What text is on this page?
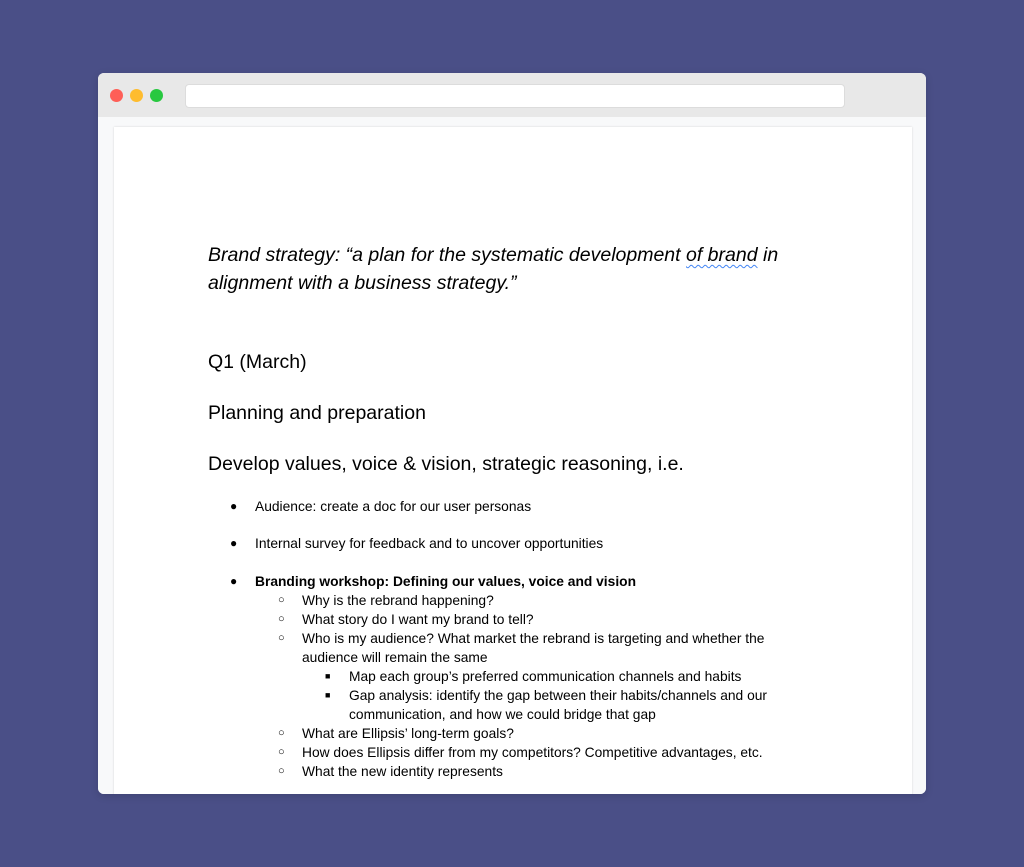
Brand strategy: “a plan for the systematic development of brand in alignment with a business strategy.”
Q1 (March)
Planning and preparation
Develop values, voice & vision, strategic reasoning, i.e.
● Audience: create a doc for our user personas
● Internal survey for feedback and to uncover opportunities
● Branding workshop: Defining our values, voice and vision
○ Why is the rebrand happening?
○ What story do I want my brand to tell?
○ Who is my audience? What market the rebrand is targeting and whether the audience will remain the same
■ Map each group’s preferred communication channels and habits
■ Gap analysis: identify the gap between their habits/channels and our communication, and how we could bridge that gap
○ What are Ellipsis’ long-term goals?
○ How does Ellipsis differ from my competitors? Competitive advantages, etc.
○ What the new identity represents
